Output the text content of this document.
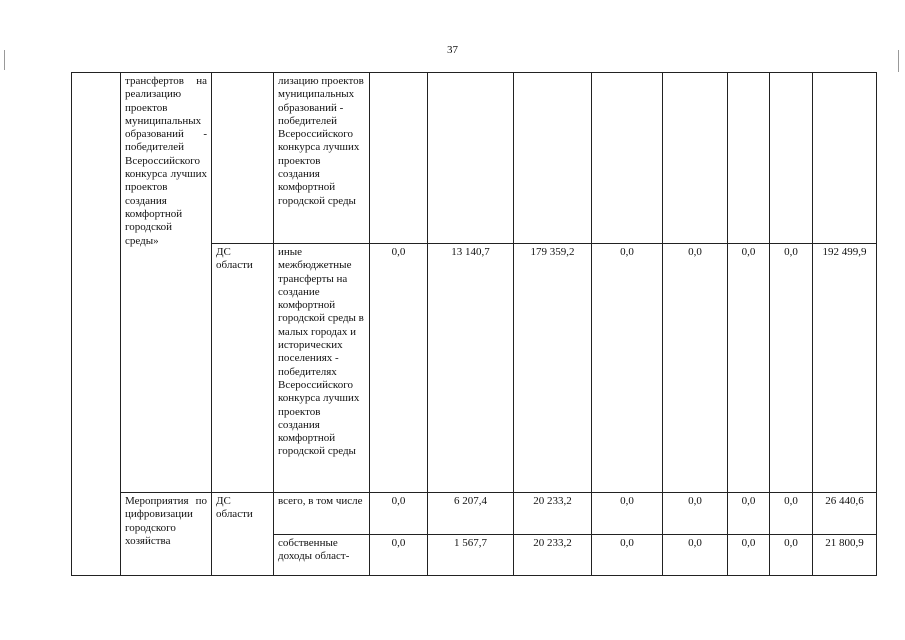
37

	трансфертов на реализацию проектов муниципальных образований - победителей Всероссийского конкурса лучших проектов создания комфортной городской среды»		лизацию проектов муниципальных образований - победителей Всероссийского конкурса лучших проектов создания комфортной городской среды								

		ДС области	иные межбюджетные трансферты на создание комфортной городской среды в малых городах и исторических поселениях - победителях Всероссийского конкурса лучших проектов создания комфортной городской среды	0,0	13 140,7	179 359,2	0,0	0,0	0,0	0,0	192 499,9

	Мероприятия по цифровизации городского хозяйства	ДС области	всего, в том числе	0,0	6 207,4	20 233,2	0,0	0,0	0,0	0,0	26 440,6

			собственные доходы област-	0,0	1 567,7	20 233,2	0,0	0,0	0,0	0,0	21 800,9
